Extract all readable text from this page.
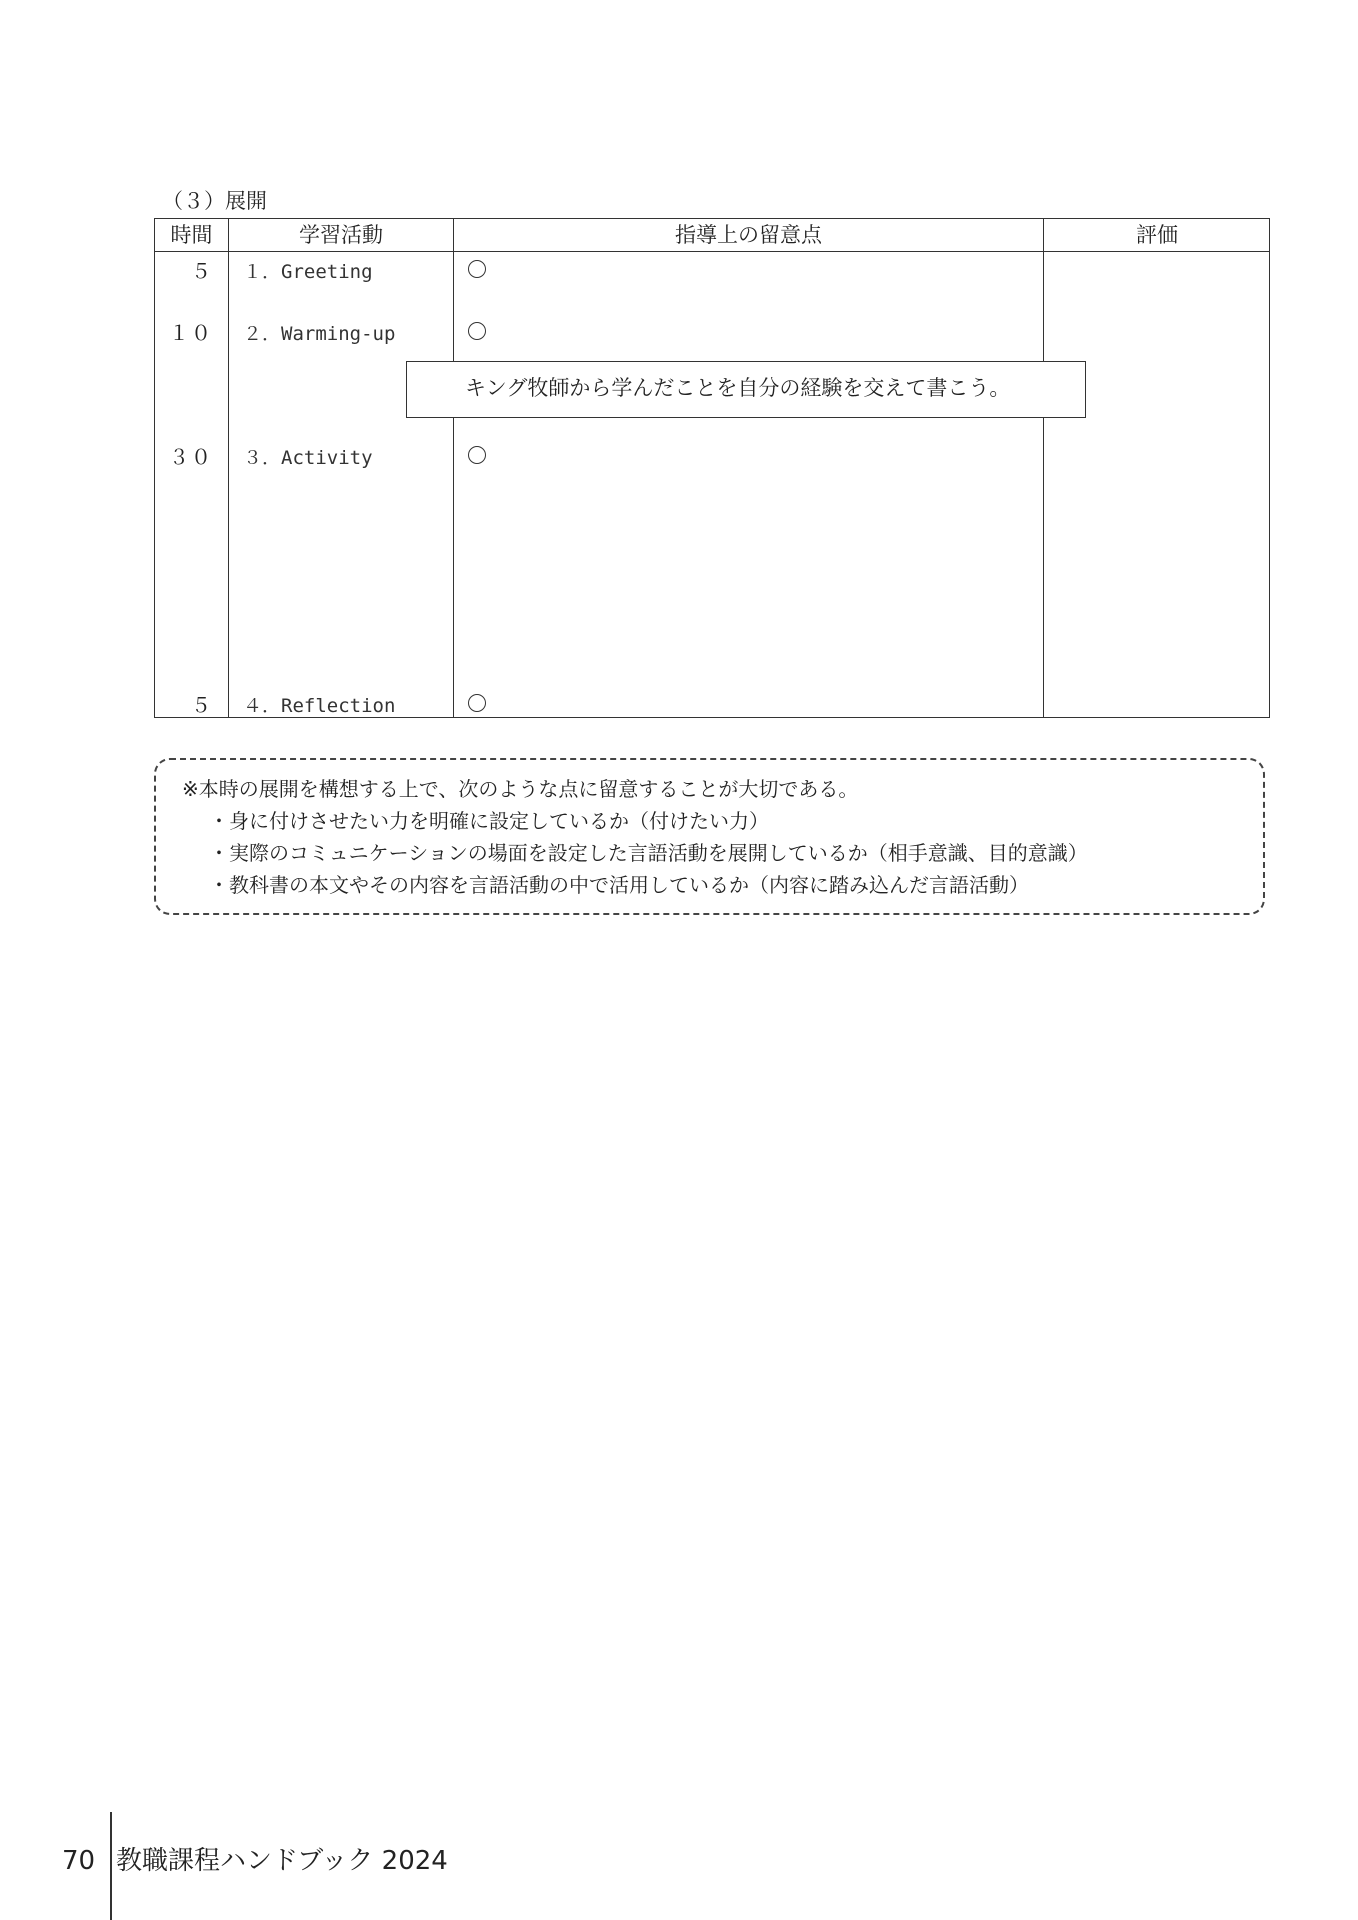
（３）展開
時間	学習活動	指導上の留意点	評価
５ １．Greeting
１０ ２．Warming-up
３０ ３．Activity
５ ４．Reflection
キング牧師から学んだことを自分の経験を交えて書こう。
※本時の展開を構想する上で、次のような点に留意することが大切である。
・身に付けさせたい力を明確に設定しているか（付けたい力）
・実際のコミュニケーションの場面を設定した言語活動を展開しているか（相手意識、目的意識）
・教科書の本文やその内容を言語活動の中で活用しているか（内容に踏み込んだ言語活動）
70 教職課程ハンドブック 2024
